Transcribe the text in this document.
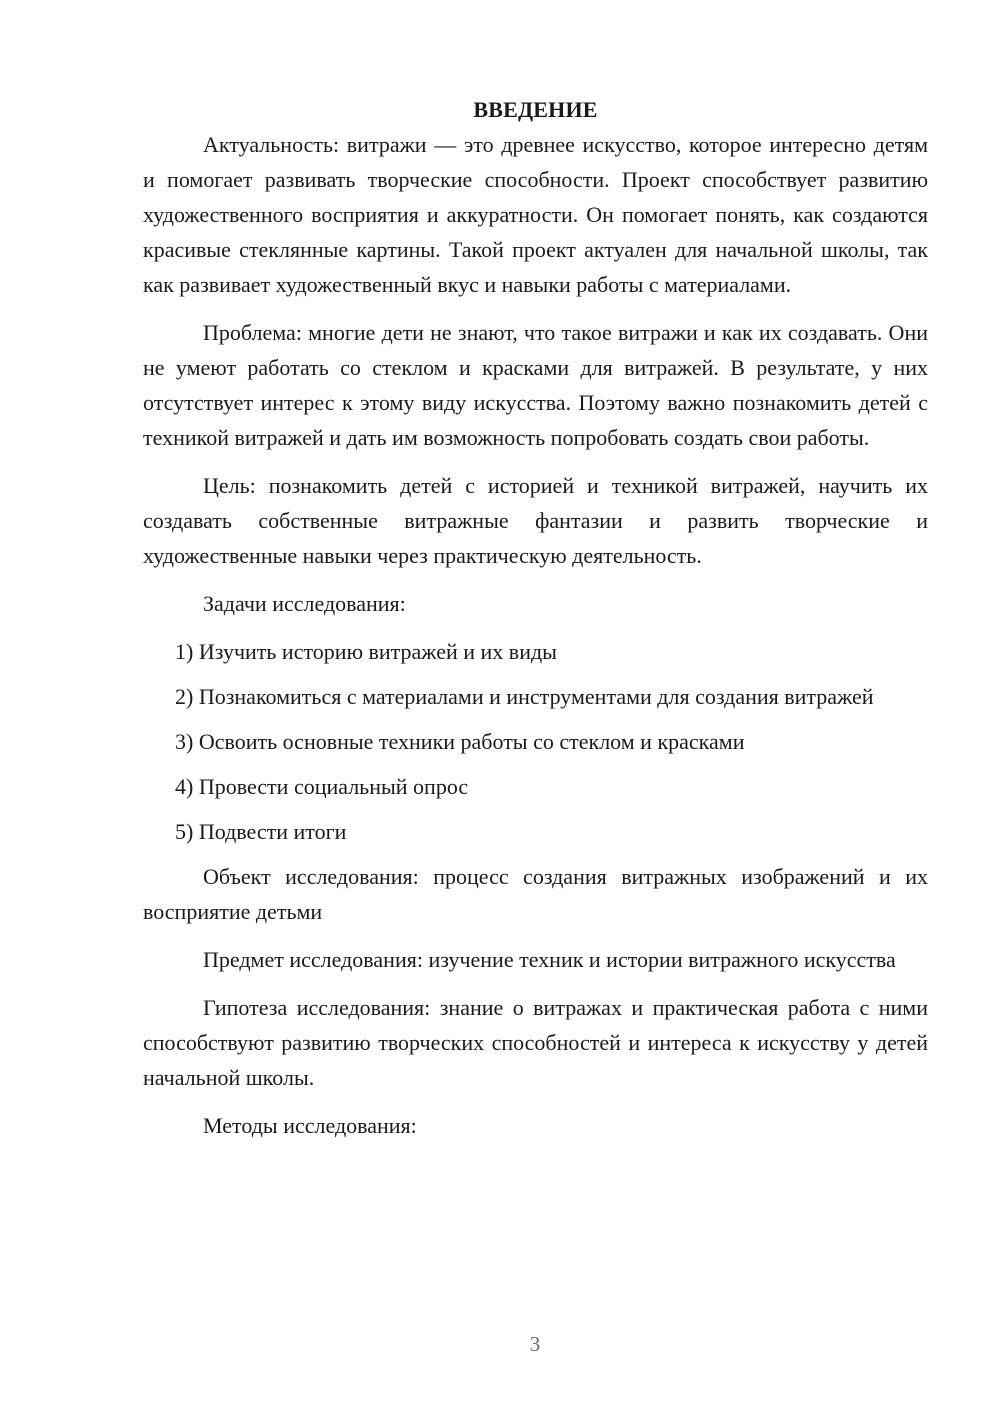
ВВЕДЕНИЕ

Актуальность: витражи — это древнее искусство, которое интересно детям и помогает развивать творческие способности. Проект способствует развитию художественного восприятия и аккуратности. Он помогает понять, как создаются красивые стеклянные картины. Такой проект актуален для начальной школы, так как развивает художественный вкус и навыки работы с материалами.

Проблема: многие дети не знают, что такое витражи и как их создавать. Они не умеют работать со стеклом и красками для витражей. В результате, у них отсутствует интерес к этому виду искусства. Поэтому важно познакомить детей с техникой витражей и дать им возможность попробовать создать свои работы.

Цель: познакомить детей с историей и техникой витражей, научить их создавать собственные витражные фантазии и развить творческие и художественные навыки через практическую деятельность.

Задачи исследования:

1) Изучить историю витражей и их виды

2) Познакомиться с материалами и инструментами для создания витражей

3) Освоить основные техники работы со стеклом и красками

4) Провести социальный опрос

5) Подвести итоги

Объект исследования: процесс создания витражных изображений и их восприятие детьми

Предмет исследования: изучение техник и истории витражного искусства

Гипотеза исследования: знание о витражах и практическая работа с ними способствуют развитию творческих способностей и интереса к искусству у детей начальной школы.

Методы исследования:

3
